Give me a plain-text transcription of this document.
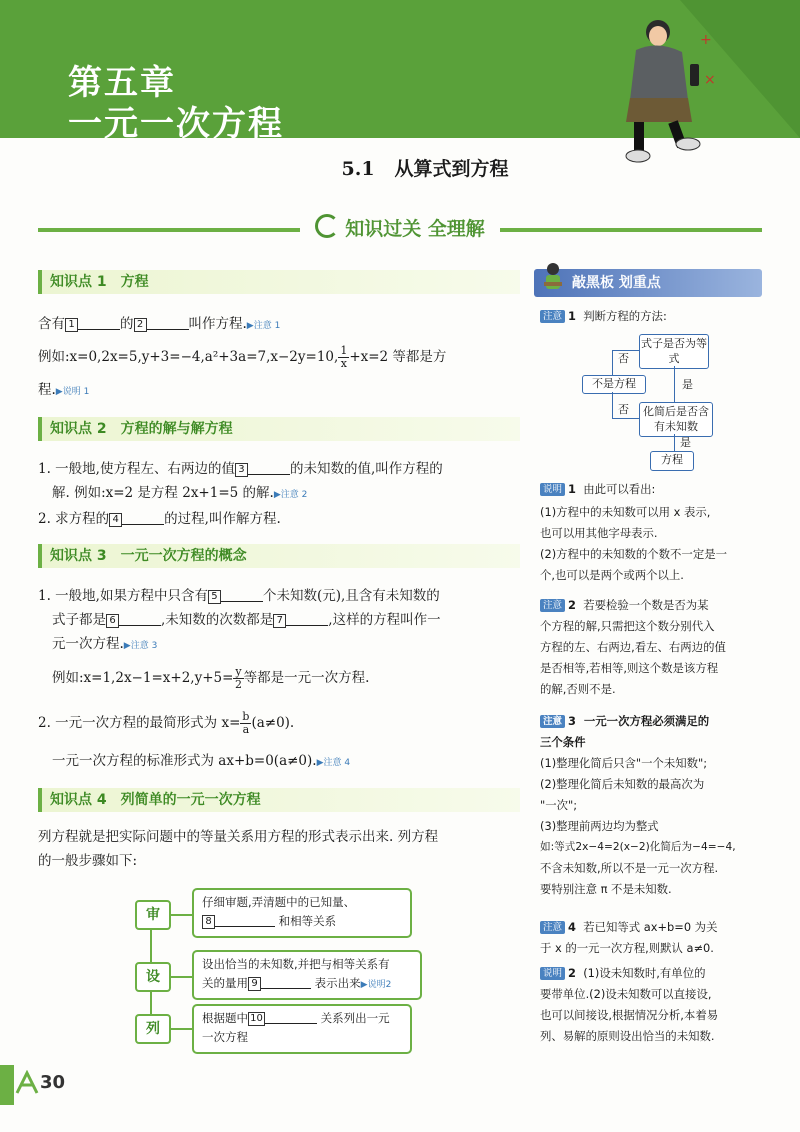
第五章
一元一次方程
+
×
5.1 从算式到方程
知识过关 全理解
知识点 1 方程
含有 1	的 2	叫作方程.▶注意 1
例如:x=0,2x=5,y+3=−4,a²+3a=7,x−2y=10, $\frac{1}{x} +x=2$ 等都是方
程.▶说明 1
知识点 2 方程的解与解方程
1. 一般地,使方程左、右两边的值 3	的未知数的值,叫作方程的
解. 例如:x=2 是方程 2x+1=5 的解.▶注意 2
2. 求方程的 4	的过程,叫作解方程.
知识点 3 一元一次方程的概念
1. 一般地,如果方程中只含有 5	个未知数(元),且含有未知数的
式子都是 6	,未知数的次数都是 7	,这样的方程叫作一
元一次方程.▶注意 3
例如:x=1,2x−1=x+2,y+5= $\frac{y}{2}$ 等都是一元一次方程.
2. 一元一次方程的最简形式为 $x= \frac{b}{a} (a\ne 0)$.
一元一次方程的标准形式为 ax+b=0(a≠0).▶注意 4
知识点 4 列简单的一元一次方程
列方程就是把实际问题中的等量关系用方程的形式表示出来. 列方程
的一般步骤如下:
审
仔细审题,弄清题中的已知量、
8	和相等关系
设
设出恰当的未知数,并把与相等关系有
关的量用 9	表示出来▶说明2
列
根据题中 10	关系列出一元
一次方程
敲黑板 划重点
注意 1 判断方程的方法:
式子是否为等式
不是方程
化简后是否含有未知数
方程
否
是
否
是
说明 1 由此可以看出:
(1)方程中的未知数可以用 x 表示,
也可以用其他字母表示.
(2)方程中的未知数的个数不一定是一
个,也可以是两个或两个以上.
注意 2 若要检验一个数是否为某
个方程的解,只需把这个数分别代入
方程的左、右两边,看左、右两边的值
是否相等,若相等,则这个数是该方程
的解,否则不是.
注意 3 一元一次方程必须满足的
三个条件
(1)整理化简后只含"一个未知数";
(2)整理化简后未知数的最高次为
"一次";
(3)整理前两边均为整式
如:等式2x−4=2(x−2)化简后为−4=−4,
不含未知数,所以不是一元一次方程.
要特别注意 π 不是未知数.
注意 4 若已知等式 ax+b=0 为关
于 x 的一元一次方程,则默认 a≠0.
说明 2 (1)设未知数时,有单位的
要带单位.(2)设未知数可以直接设,
也可以间接设,根据情况分析,本着易
列、易解的原则设出恰当的未知数.
30
